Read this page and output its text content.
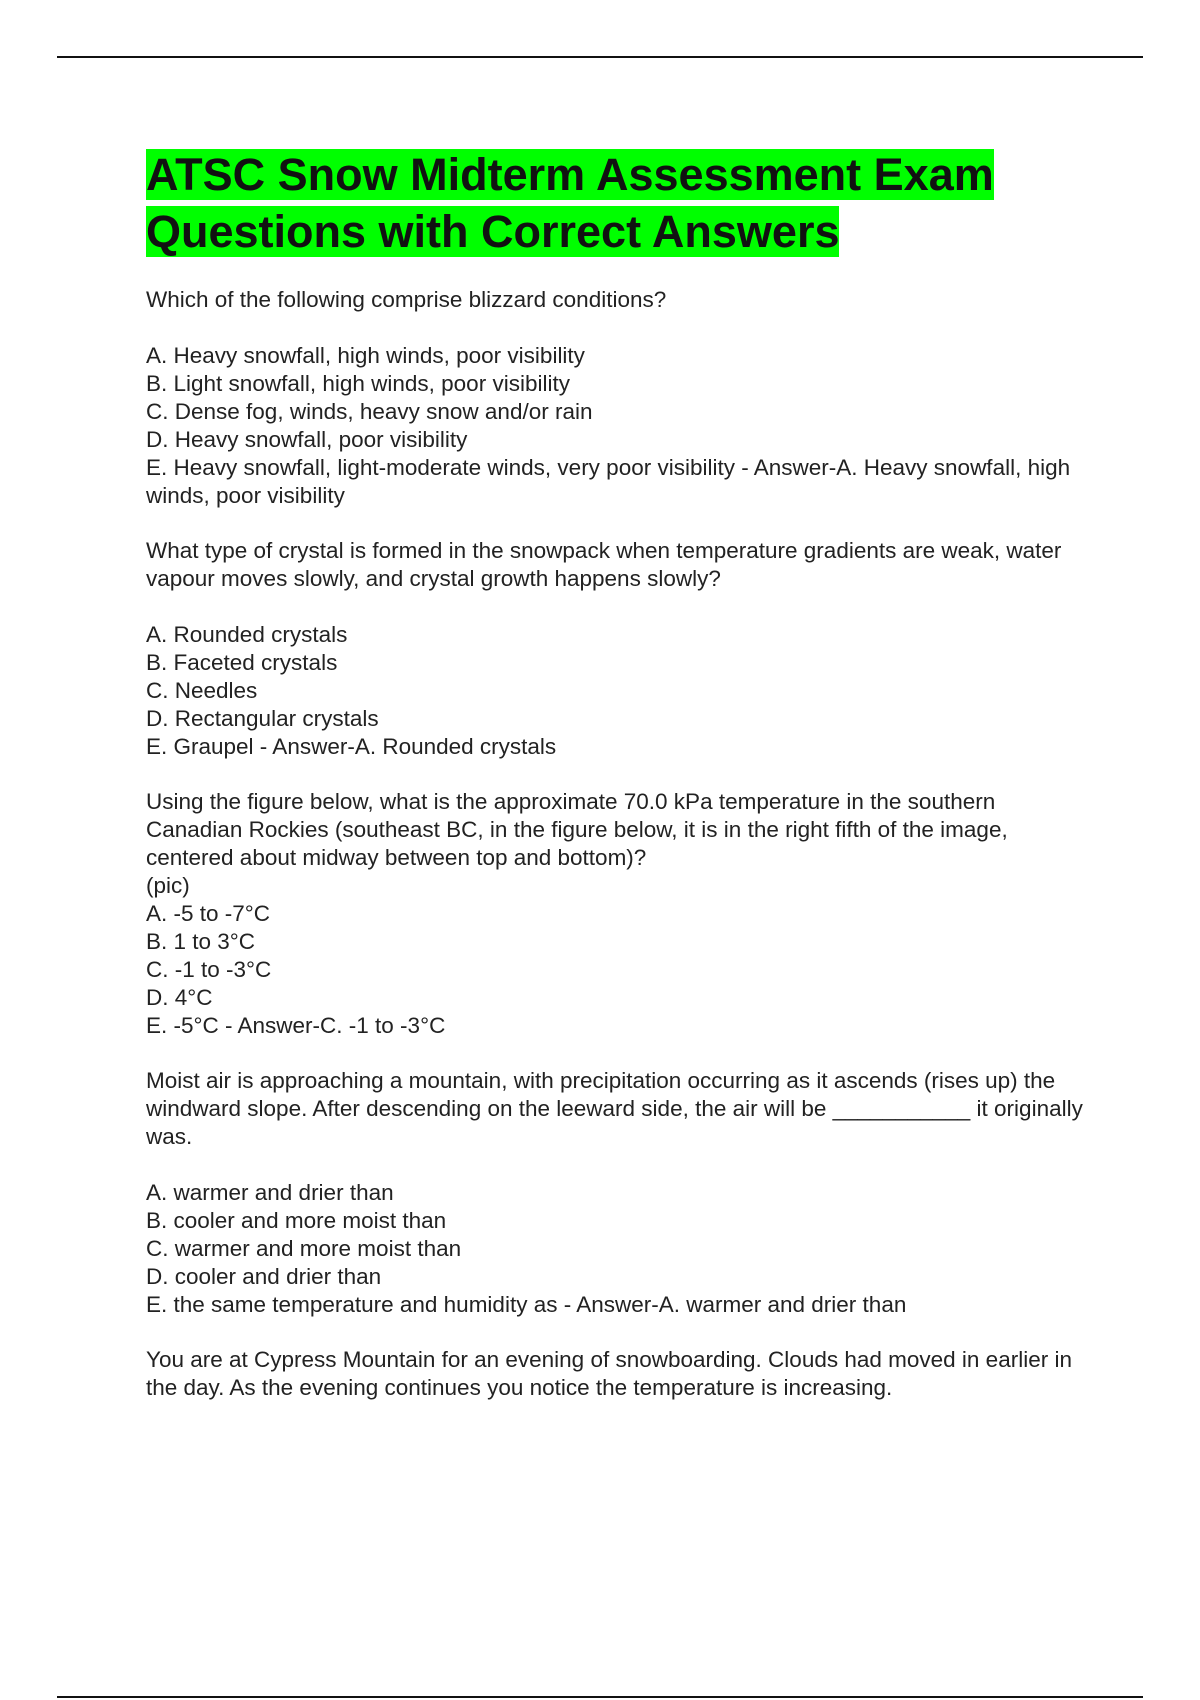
ATSC Snow Midterm Assessment Exam Questions with Correct Answers
Which of the following comprise blizzard conditions?
A. Heavy snowfall, high winds, poor visibility
B. Light snowfall, high winds, poor visibility
C. Dense fog, winds, heavy snow and/or rain
D. Heavy snowfall, poor visibility
E. Heavy snowfall, light-moderate winds, very poor visibility - Answer-A. Heavy snowfall, high winds, poor visibility
What type of crystal is formed in the snowpack when temperature gradients are weak, water vapour moves slowly, and crystal growth happens slowly?
A. Rounded crystals
B. Faceted crystals
C. Needles
D. Rectangular crystals
E. Graupel - Answer-A. Rounded crystals
Using the figure below, what is the approximate 70.0 kPa temperature in the southern Canadian Rockies (southeast BC, in the figure below, it is in the right fifth of the image, centered about midway between top and bottom)?
(pic)
A. -5 to -7°C
B. 1 to 3°C
C. -1 to -3°C
D. 4°C
E. -5°C - Answer-C. -1 to -3°C
Moist air is approaching a mountain, with precipitation occurring as it ascends (rises up) the windward slope. After descending on the leeward side, the air will be ___________ it originally was.
A. warmer and drier than
B. cooler and more moist than
C. warmer and more moist than
D. cooler and drier than
E. the same temperature and humidity as - Answer-A. warmer and drier than
You are at Cypress Mountain for an evening of snowboarding. Clouds had moved in earlier in the day. As the evening continues you notice the temperature is increasing.
